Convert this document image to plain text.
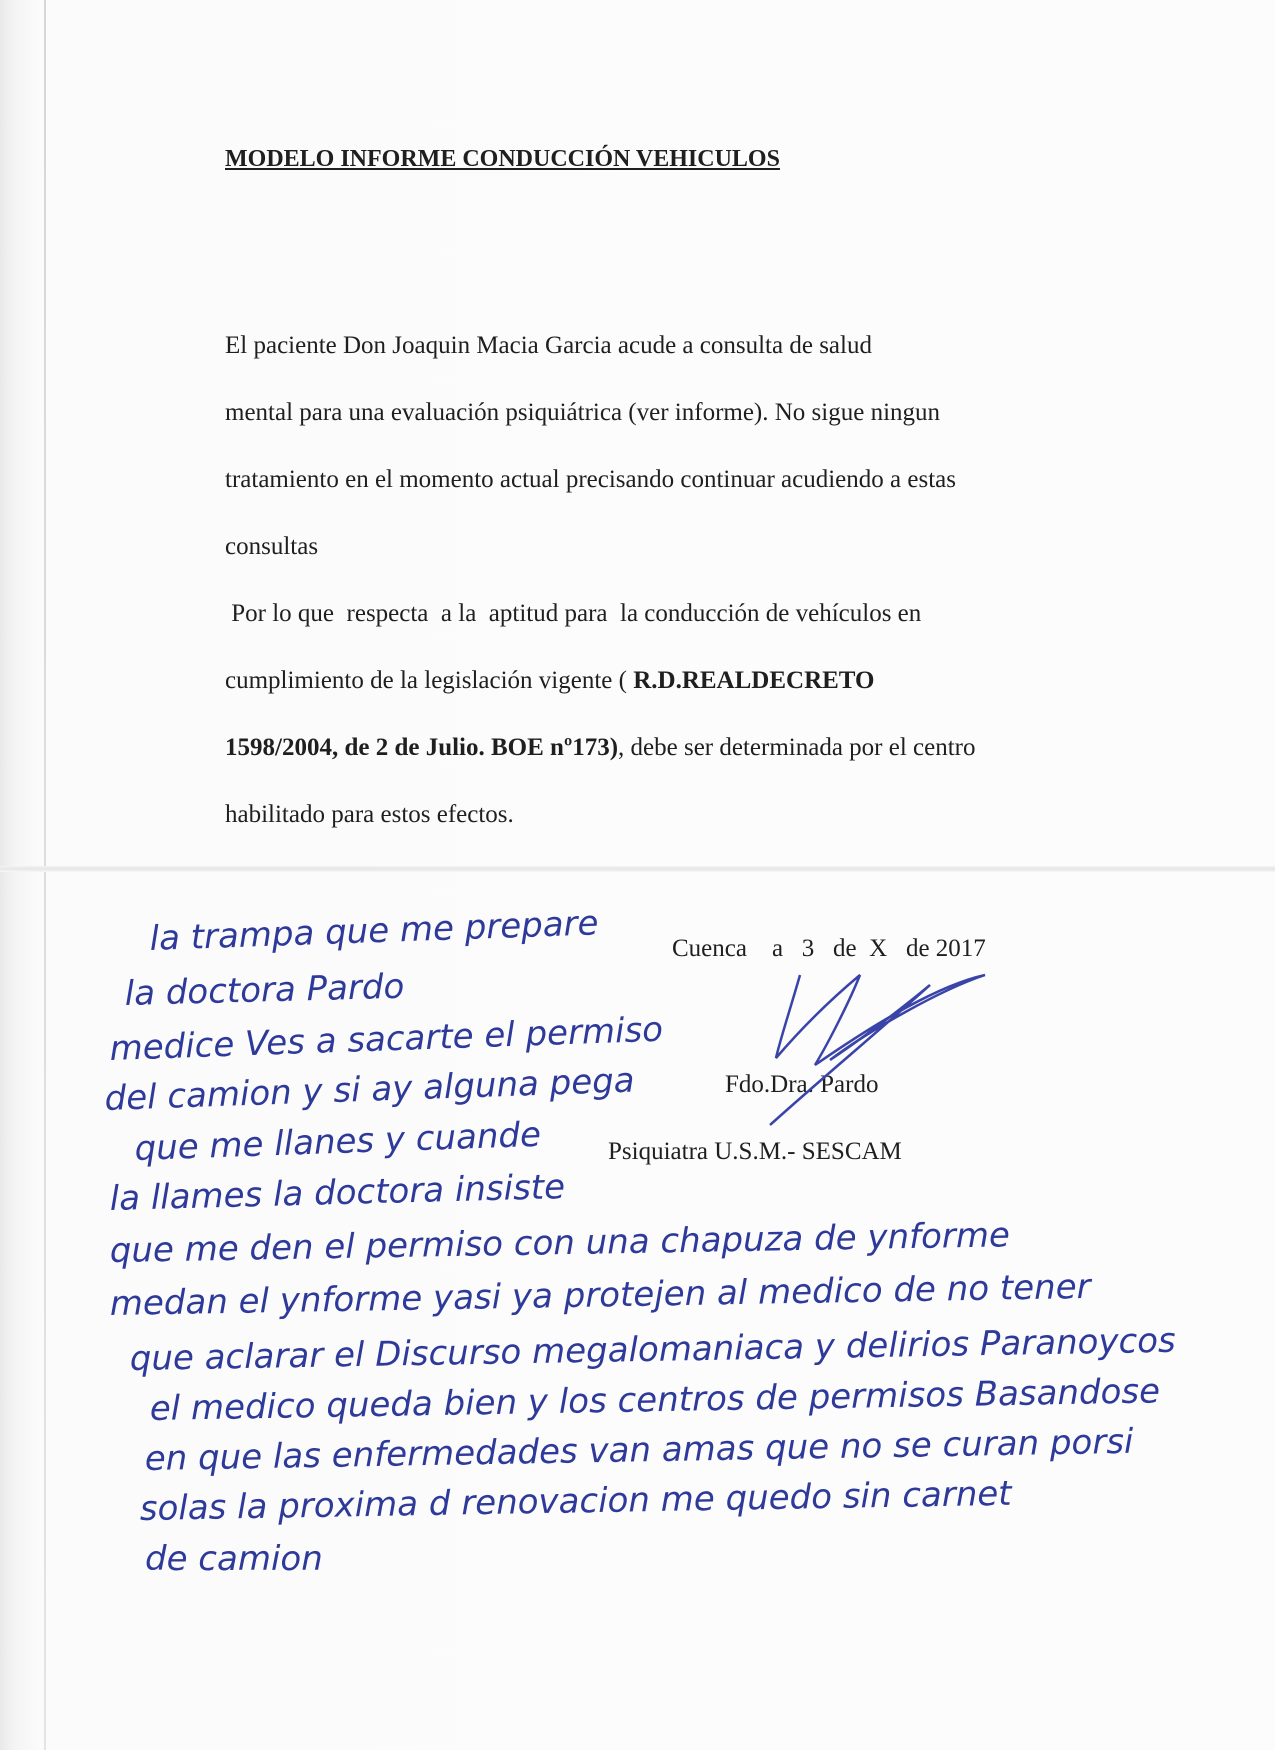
MODELO INFORME CONDUCCIÓN VEHICULOS
El paciente Don Joaquin Macia Garcia acude a consulta de salud
mental para una evaluación psiquiátrica (ver informe). No sigue ningun
tratamiento en el momento actual precisando continuar acudiendo a estas
consultas
Por lo que  respecta  a la  aptitud para  la conducción de vehículos en
cumplimiento de la legislación vigente ( R.D.REALDECRETO
1598/2004, de 2 de Julio. BOE nº173), debe ser determinada por el centro
habilitado para estos efectos.
Cuenca    a   3   de  X   de 2017
Fdo.Dra. Pardo
Psiquiatra U.S.M.- SESCAM
la trampa que me prepare
la doctora Pardo
medice Ves a sacarte el permiso
del camion y si ay alguna pega
que me llanes y cuande
la llames la doctora insiste
que me den el permiso con una chapuza de ynforme
medan el ynforme yasi ya protejen al medico de no tener
que aclarar el Discurso megalomaniaca y delirios Paranoycos
el medico queda bien y los centros de permisos Basandose
en que las enfermedades van amas que no se curan porsi
solas la proxima d renovacion me quedo sin carnet
de camion
